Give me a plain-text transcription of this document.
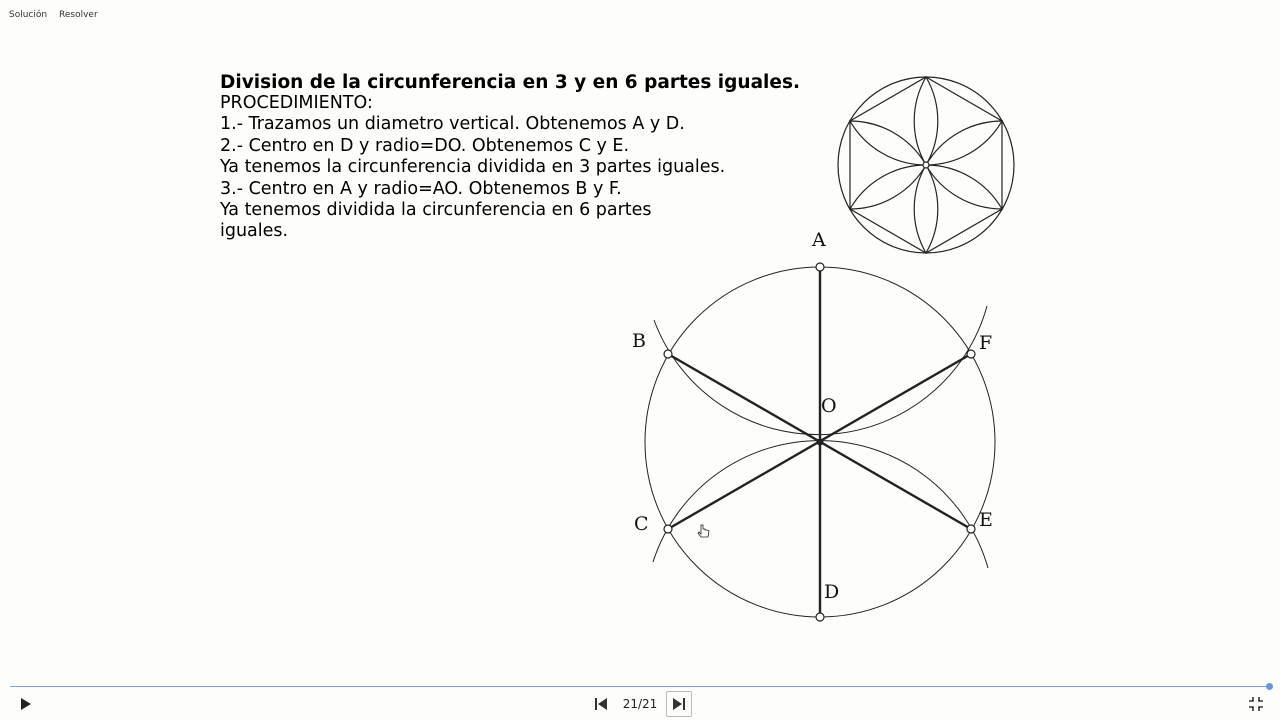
Solución Resolver

Division de la circunferencia en 3 y en 6 partes iguales.

PROCEDIMIENTO:

1.- Trazamos un diametro vertical. Obtenemos A y D.

2.- Centro en D y radio=DO. Obtenemos C y E.

Ya tenemos la circunferencia dividida en 3 partes iguales.

3.- Centro en A y radio=AO. Obtenemos B y F.

Ya tenemos dividida la circunferencia en 6 partes

iguales.	A
B	F
O
C	E
D
21/21
